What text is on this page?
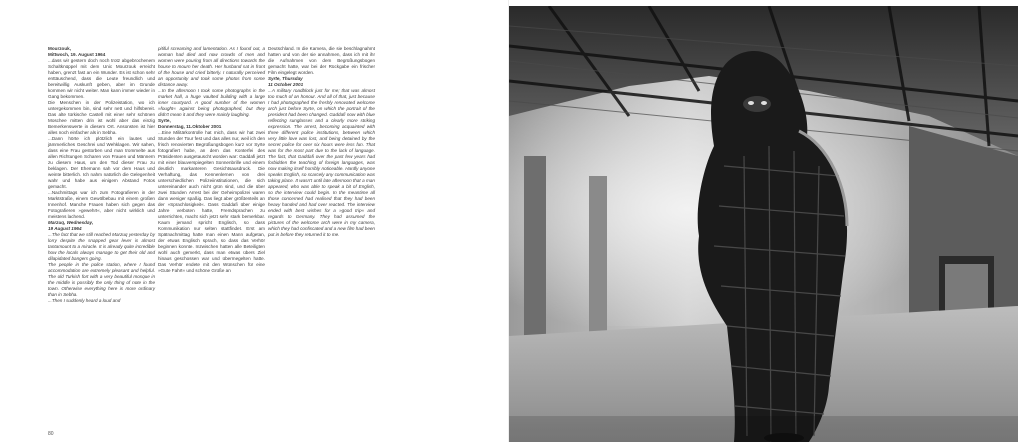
Mourzouk,
Mittwoch, 19. August 1964

...dass wir gestern doch noch trotz abgebrochenem Schaltknüppel mit dem Unic Mourzouk erreicht haben, grenzt fast an ein Wunder. Es ist schon sehr enttäuschend, dass die Leute freundlich und bereitwillig Auskunft geben, aber im Grunde kommen wir nicht weiter. Man kann immer wieder in Gang bekommen.

Die Menschen in der Polizeistation, wo ich untergekommen bin, sind sehr nett und hilfsbereit. Das alte türkische Castell mit einer sehr schönen Moschee mitten drin ist wohl aber das einzig Bemerkenswerte in diesem Ort. Ansonsten ist hier alles noch einfacher als in Sebha.

...Dann hörte ich plötzlich ein lautes und jämmerliches Geschrei und Wehklagen. Wir sahen, dass eine Frau gestorben und man trommelte aus allen Richtungen Scharen von Frauen und Männern zu diesem Haus, um den Tod dieser Frau zu beklagen. Der Ehemann sah vor dem Haus und weinte bitterlich. Ich nahm natürlich die Gelegenheit wahr und habe aus einigem Abstand Fotos gemacht.

...Nachmittags war ich zum Fotografieren in der Marktstraße, einem Gewölbebau mit einem großen Innenhof. Manche Frauen haben sich gegen das Fotografieren »gewehrt«, aber nicht wirklich und meistens lachend.

Marzuq, Wednesday,
19 August 1964

...The fact that we still reached Marzuq yesterday by lorry despite the snapped gear lever is almost tantamount to a miracle. It is already quite incredible how the locals always manage to get their old and dilapidated bangers going.

The people in the police station, where I found accommodation are extremely pleasant and helpful. The old Turkish fort with a very beautiful mosque in the middle is possibly the only thing of note in the town. Otherwise everything here is more ordinary than in Sebha.

...Then I suddenly heard a loud and

pitiful screaming and lamentation. As I found out, a woman had died and now crowds of men and women were pouring from all directions towards the house to mourn her death. Her husband sat in front of the house and cried bitterly. I naturally perceived an opportunity and took some photos from some distance away.

...In the afternoon I took some photographs in the market hall, a huge vaulted building with a large inner courtyard. A good number of the women »fought« against being photographed, but they didn't mean it and they were mainly laughing.

Syrte,
Donnerstag, 11.Oktober 2001

...Eine Militärkontrolle hat mich, dass wir hat zwei Stunden der Tour fest und das alles nur, weil ich den frisch renovierten Begrüßungsbogen kurz vor Syrte fotografiert habe, an dem das Konterfei des Präsidenten ausgetauscht worden war: Gaddafi jetzt mit einer blauverspiegelten Sonnenbrille und einem deutlich markanteren Gesichtsausdruck. Die Verhaftung, das Kennenlernen von drei unterschiedlichen Polizeiinstitutionen, die sich untereinander auch nicht grün sind, und die über zwei Stunden Arrest bei der Geheimpolizei waren dann weniger spaßig. Das liegt aber größtenteils an der »Sprachlosigkeit«. Dass Gaddafi über einige Jahre verboten hatte, Fremdsprachen zu unterrichten, macht sich jetzt sehr stark bemerkbar. Kaum jemand spricht Englisch, so dass Kommunikation nur selten stattfindet. Erst am Spätnachmittag hatte man einen Mann aufgetan, der etwas Englisch sprach, so dass das Verhör beginnen konnte. Inzwischen hatten alle Beteiligten wohl auch gemerkt, dass man etwas übers Ziel hinaus geschossen war und übermegelten hatte. Das Verhör endete mit den Wünschen für eine »Gute Fahrt« und schöne Grüße an

Deutschland. In die Kamera, die sie beschlagnahmt hatten und von der sie annahmen, dass ich mit ihr die Aufnahmen von dem Begrüßungsbogen gemacht hatte, war bei der Rückgabe ein frischer Film eingelegt worden.

Syrte, Thursday
11 October 2001

...A military roadblock just for me; that was almost too much of an honour. And all of that, just because I had photographed the freshly renovated welcome arch just before Syrte, on which the portrait of the president had been changed. Gaddafi now with blue reflecting sunglasses and a clearly more striking expression. The arrest, becoming acquainted with three different police institutions, between which very little love was lost, and being detained by the secret police for over six hours were less fun. That was for the most part due to the lack of language. The fact, that Gaddafi over the past few years had forbidden the teaching of foreign languages, was now making itself horribly noticeable. Hardly anyone speaks English, so scarcely any communication was taking place. It wasn't until late afternoon that a man appeared, who was able to speak a bit of English, so the interview could begin. In the meantime all those concerned had realised that they had been heavy handed and had over reacted. The interview ended with best wishes for a »good trip« and regards to Germany. They had assumed the pictures of the welcome arch were in my camera, which they had confiscated and a new film had been put in before they returned it to me.

80
